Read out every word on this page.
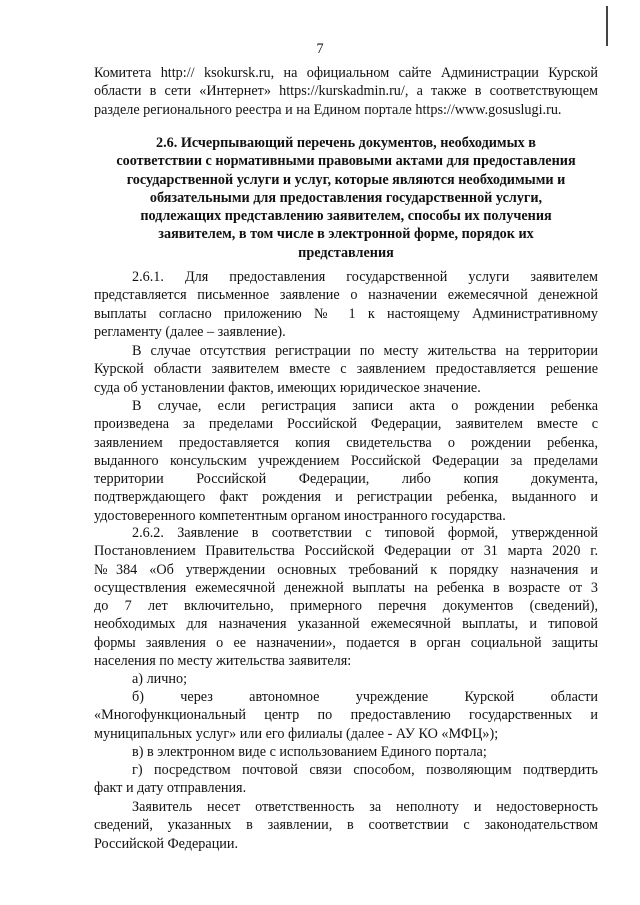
7
Комитета http:// ksokursk.ru, на официальном сайте Администрации Курской
области в сети «Интернет» https://kurskadmin.ru/, а также в соответствующем
разделе регионального реестра и на Едином портале https://www.gosuslugi.ru.
2.6. Исчерпывающий перечень документов, необходимых в
соответствии с нормативными правовыми актами для предоставления
государственной услуги и услуг, которые являются необходимыми и
обязательными для предоставления государственной услуги,
подлежащих представлению заявителем, способы их получения
заявителем, в том числе в электронной форме, порядок их
представления
2.6.1. Для предоставления государственной услуги заявителем
представляется письменное заявление о назначении ежемесячной денежной
выплаты согласно приложению № 1 к настоящему Административному
регламенту (далее – заявление).
В случае отсутствия регистрации по месту жительства на территории
Курской области заявителем вместе с заявлением предоставляется решение
суда об установлении фактов, имеющих юридическое значение.
В случае, если регистрация записи акта о рождении ребенка
произведена за пределами Российской Федерации, заявителем вместе с
заявлением предоставляется копия свидетельства о рождении ребенка,
выданного консульским учреждением Российской Федерации за пределами
территории Российской Федерации, либо копия документа,
подтверждающего факт рождения и регистрации ребенка, выданного и
удостоверенного компетентным органом иностранного государства.
2.6.2. Заявление в соответствии с типовой формой, утвержденной
Постановлением Правительства Российской Федерации от 31 марта 2020 г.
№384 «Об утверждении основных требований к порядку назначения и
осуществления ежемесячной денежной выплаты на ребенка в возрасте от 3
до 7 лет включительно, примерного перечня документов (сведений),
необходимых для назначения указанной ежемесячной выплаты, и типовой
формы заявления о ее назначении», подается в орган социальной защиты
населения по месту жительства заявителя:
а) лично;
б) через автономное учреждение Курской области
«Многофункциональный центр по предоставлению государственных и
муниципальных услуг» или его филиалы (далее - АУ КО «МФЦ»);
в) в электронном виде с использованием Единого портала;
г) посредством почтовой связи способом, позволяющим подтвердить
факт и дату отправления.
Заявитель несет ответственность за неполноту и недостоверность
сведений, указанных в заявлении, в соответствии с законодательством
Российской Федерации.
